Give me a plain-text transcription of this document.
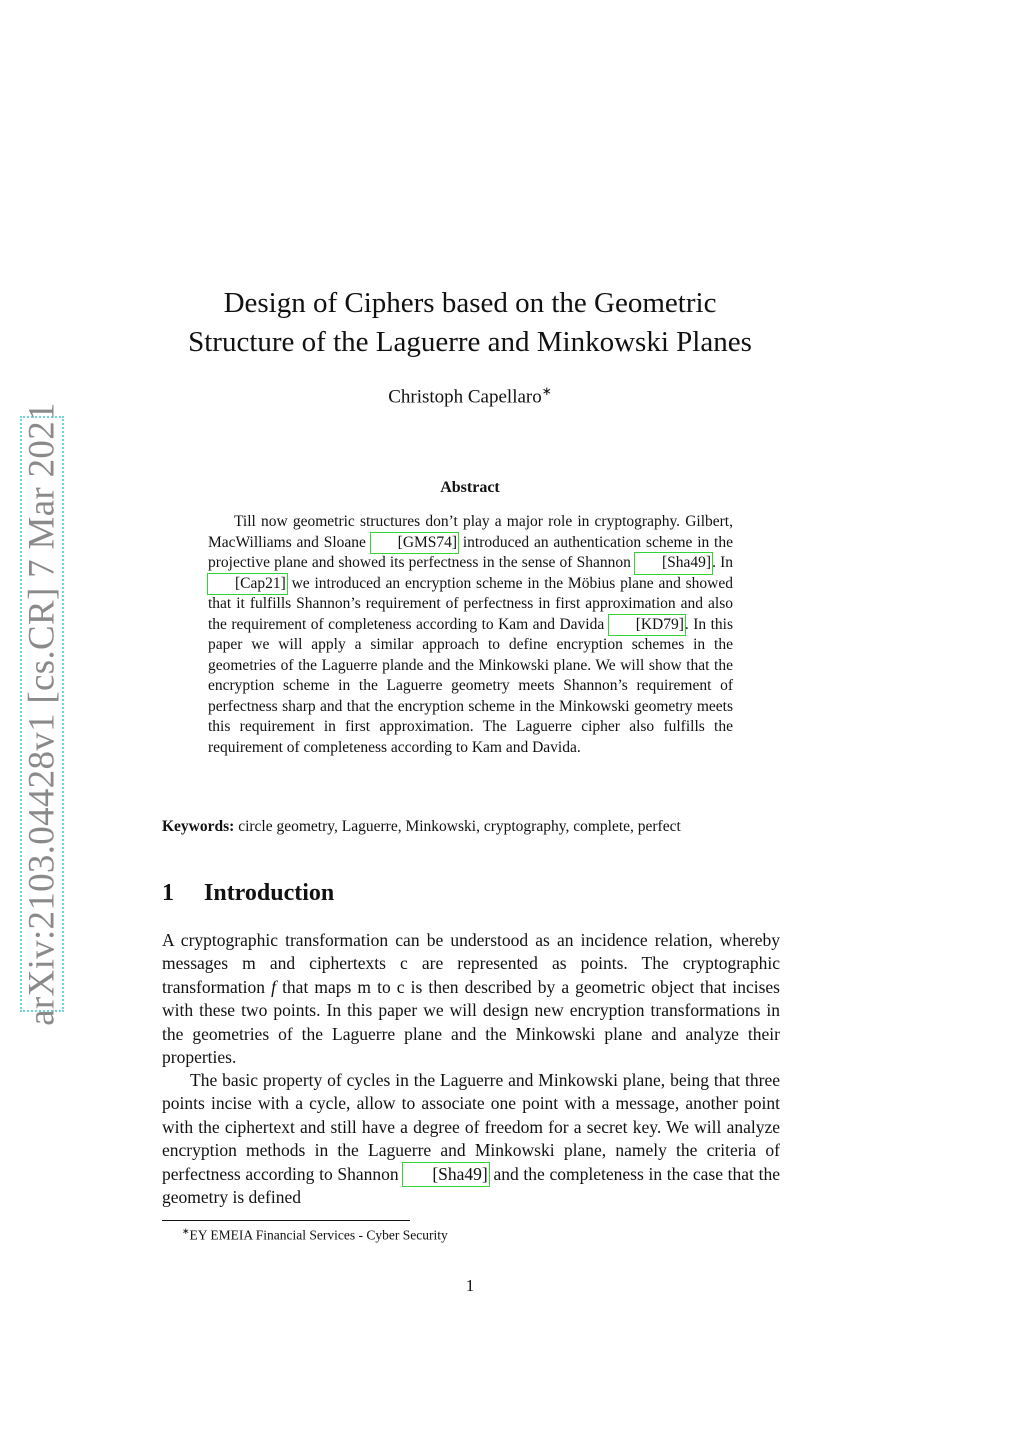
arXiv:2103.04428v1 [cs.CR] 7 Mar 2021
Design of Ciphers based on the Geometric
Structure of the Laguerre and Minkowski Planes
Christoph Capellaro∗
Abstract
Till now geometric structures don’t play a major role in cryptography. Gilbert, MacWilliams and Sloane [GMS74] introduced an authentication scheme in the projective plane and showed its perfectness in the sense of Shannon [Sha49]. In [Cap21] we introduced an encryption scheme in the Möbius plane and showed that it fulfills Shannon’s requirement of perfectness in first approximation and also the requirement of completeness according to Kam and Davida [KD79]. In this paper we will apply a similar approach to define encryption schemes in the geometries of the Laguerre plande and the Minkowski plane. We will show that the encryption scheme in the Laguerre geometry meets Shannon’s requirement of perfectness sharp and that the encryption scheme in the Minkowski geometry meets this requirement in first approximation. The Laguerre cipher also fulfills the requirement of completeness according to Kam and Davida.
Keywords: circle geometry, Laguerre, Minkowski, cryptography, complete, perfect
1 Introduction
A cryptographic transformation can be understood as an incidence relation, whereby messages m and ciphertexts c are represented as points. The cryptographic transformation f that maps m to c is then described by a geometric object that incises with these two points. In this paper we will design new encryption transformations in the geometries of the Laguerre plane and the Minkowski plane and analyze their properties.
The basic property of cycles in the Laguerre and Minkowski plane, being that three points incise with a cycle, allow to associate one point with a message, another point with the ciphertext and still have a degree of freedom for a secret key. We will analyze encryption methods in the Laguerre and Minkowski plane, namely the criteria of perfectness according to Shannon [Sha49] and the completeness in the case that the geometry is defined
∗EY EMEIA Financial Services - Cyber Security
1
